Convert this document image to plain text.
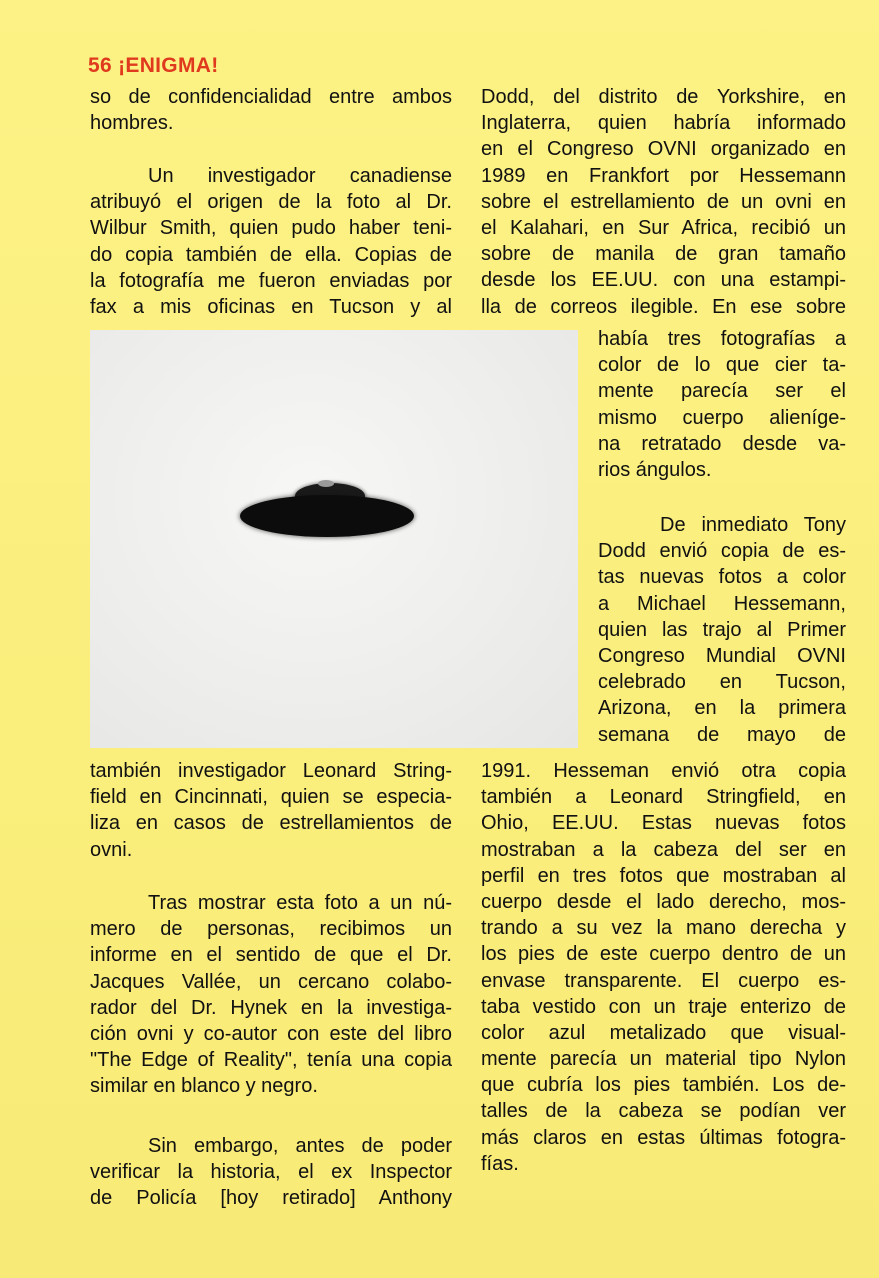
56 ¡ENIGMA!
so de confidencialidad entre ambos
hombres.
Un investigador canadiense
atribuyó el origen de la foto al Dr.
Wilbur Smith, quien pudo haber teni-
do copia también de ella. Copias de
la fotografía me fueron enviadas por
fax a mis oficinas en Tucson y al
también investigador Leonard String-
field en Cincinnati, quien se especia-
liza en casos de estrellamientos de
ovni.
Tras mostrar esta foto a un nú-
mero de personas, recibimos un
informe en el sentido de que el Dr.
Jacques Vallée, un cercano colabo-
rador del Dr. Hynek en la investiga-
ción ovni y co-autor con este del libro
"The Edge of Reality", tenía una copia
similar en blanco y negro.
Sin embargo, antes de poder
verificar la historia, el ex Inspector
de Policía [hoy retirado] Anthony
Dodd, del distrito de Yorkshire, en
Inglaterra, quien habría informado
en el Congreso OVNI organizado en
1989 en Frankfort por Hessemann
sobre el estrellamiento de un ovni en
el Kalahari, en Sur Africa, recibió un
sobre de manila de gran tamaño
desde los EE.UU. con una estampi-
lla de correos ilegible. En ese sobre
había tres fotografías a
color de lo que cier ta-
mente parecía ser el
mismo cuerpo alieníge-
na retratado desde va-
rios ángulos.
De inmediato Tony
Dodd envió copia de es-
tas nuevas fotos a color
a Michael Hessemann,
quien las trajo al Primer
Congreso Mundial OVNI
celebrado en Tucson,
Arizona, en la primera
semana de mayo de
1991. Hesseman envió otra copia
también a Leonard Stringfield, en
Ohio, EE.UU. Estas nuevas fotos
mostraban a la cabeza del ser en
perfil en tres fotos que mostraban al
cuerpo desde el lado derecho, mos-
trando a su vez la mano derecha y
los pies de este cuerpo dentro de un
envase transparente. El cuerpo es-
taba vestido con un traje enterizo de
color azul metalizado que visual-
mente parecía un material tipo Nylon
que cubría los pies también. Los de-
talles de la cabeza se podían ver
más claros en estas últimas fotogra-
fías.
